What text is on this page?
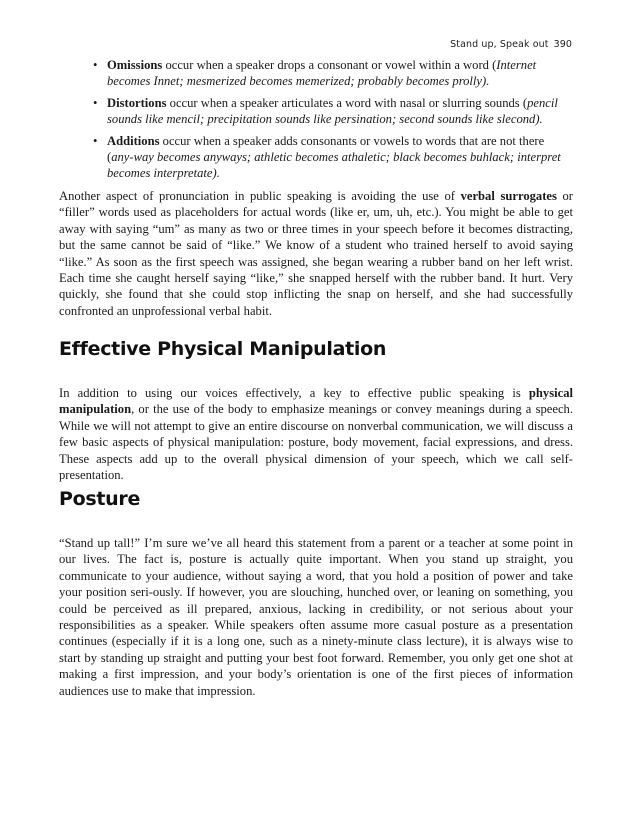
Stand up, Speak out 390
• Omissions occur when a speaker drops a consonant or vowel within a word (Internet becomes Innet; mesmerized becomes memerized; probably becomes prolly).
• Distortions occur when a speaker articulates a word with nasal or slurring sounds (pencil sounds like mencil; precipitation sounds like persination; second sounds like slecond).
• Additions occur when a speaker adds consonants or vowels to words that are not there (any-way becomes anyways; athletic becomes athaletic; black becomes buhlack; interpret becomes interpretate).

Another aspect of pronunciation in public speaking is avoiding the use of verbal surrogates or “filler” words used as placeholders for actual words (like er, um, uh, etc.). You might be able to get away with saying “um” as many as two or three times in your speech before it becomes distracting, but the same cannot be said of “like.” We know of a student who trained herself to avoid saying “like.” As soon as the first speech was assigned, she began wearing a rubber band on her left wrist. Each time she caught herself saying “like,” she snapped herself with the rubber band. It hurt. Very quickly, she found that she could stop inflicting the snap on herself, and she had successfully confronted an unprofessional verbal habit.

Effective Physical Manipulation

In addition to using our voices effectively, a key to effective public speaking is physical manipulation, or the use of the body to emphasize meanings or convey meanings during a speech. While we will not attempt to give an entire discourse on nonverbal communication, we will discuss a few basic aspects of physical manipulation: posture, body movement, facial expressions, and dress. These aspects add up to the overall physical dimension of your speech, which we call self-presentation.

Posture

“Stand up tall!” I’m sure we’ve all heard this statement from a parent or a teacher at some point in our lives. The fact is, posture is actually quite important. When you stand up straight, you communicate to your audience, without saying a word, that you hold a position of power and take your position seri-ously. If however, you are slouching, hunched over, or leaning on something, you could be perceived as ill prepared, anxious, lacking in credibility, or not serious about your responsibilities as a speaker. While speakers often assume more casual posture as a presentation continues (especially if it is a long one, such as a ninety-minute class lecture), it is always wise to start by standing up straight and putting your best foot forward. Remember, you only get one shot at making a first impression, and your body’s orientation is one of the first pieces of information audiences use to make that impression.
